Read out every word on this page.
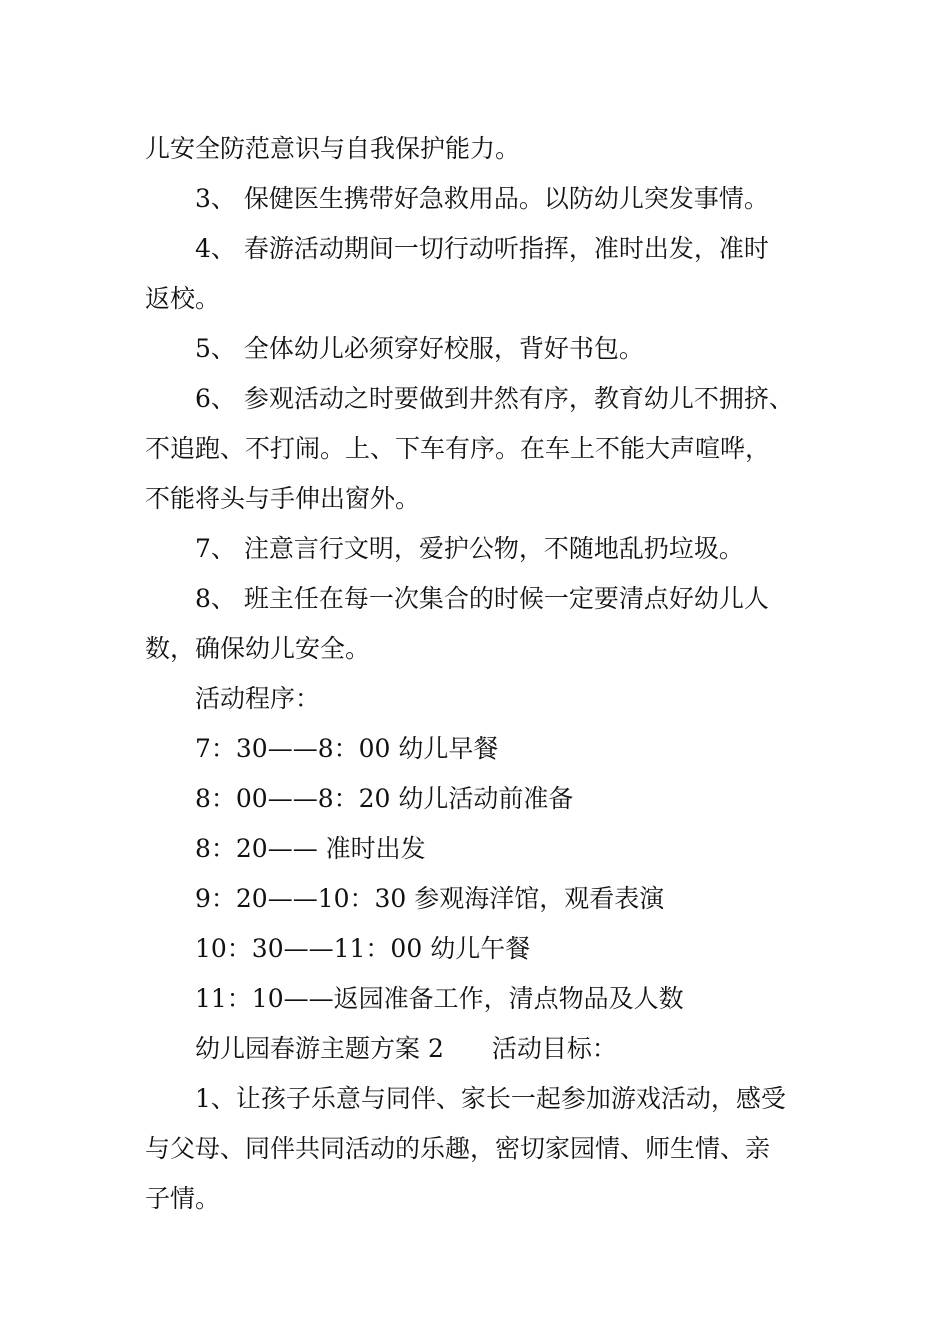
儿安全防范意识与自我保护能力。
3、 保健医生携带好急救用品。以防幼儿突发事情。
4、 春游活动期间一切行动听指挥，准时出发，准时
返校。
5、 全体幼儿必须穿好校服，背好书包。
6、 参观活动之时要做到井然有序，教育幼儿不拥挤、
不追跑、不打闹。上、下车有序。在车上不能大声喧哗，
不能将头与手伸出窗外。
7、 注意言行文明，爱护公物，不随地乱扔垃圾。
8、 班主任在每一次集合的时候一定要清点好幼儿人
数，确保幼儿安全。
活动程序：
7：30——8：00 幼儿早餐
8：00——8：20 幼儿活动前准备
8：20—— 准时出发
9：20——10：30 参观海洋馆，观看表演
10：30——11：00 幼儿午餐
11：10——返园准备工作，清点物品及人数
幼儿园春游主题方案 2 活动目标：
1、让孩子乐意与同伴、家长一起参加游戏活动，感受
与父母、同伴共同活动的乐趣，密切家园情、师生情、亲
子情。
